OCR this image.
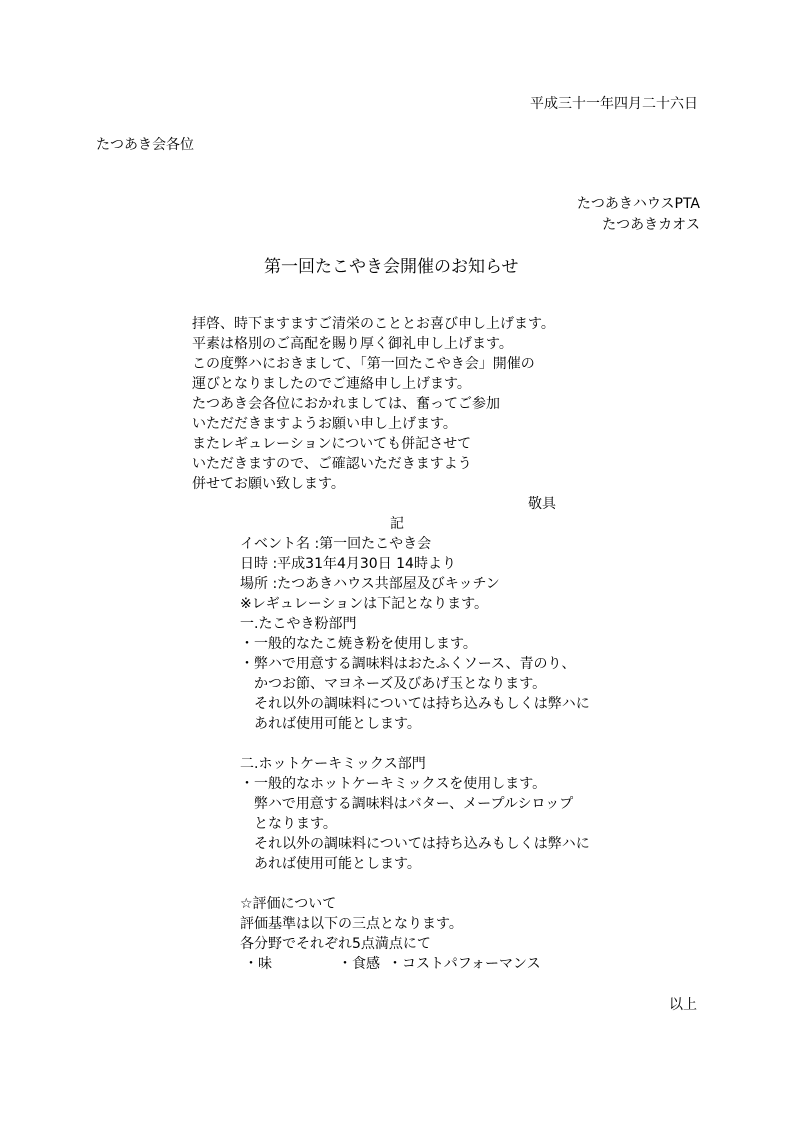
平成三十一年四月二十六日
たつあき会各位
たつあきハウスPTA
たつあきカオス
第一回たこやき会開催のお知らせ
拝啓、時下ますますご清栄のこととお喜び申し上げます。
平素は格別のご高配を賜り厚く御礼申し上げます。
この度弊ハにおきまして、「第一回たこやき会」開催の
運びとなりましたのでご連絡申し上げます。
たつあき会各位におかれましては、奮ってご参加
いただだきますようお願い申し上げます。
またレギュレーションについても併記させて
いただきますので、ご確認いただきますよう
併せてお願い致します。
敬具
記
イベント名 :第一回たこやき会
日時 :平成31年4月30日 14時より
場所 :たつあきハウス共部屋及びキッチン
※レギュレーションは下記となります。
一.たこやき粉部門
・一般的なたこ焼き粉を使用します。
・弊ハで用意する調味料はおたふくソース、青のり、
　かつお節、マヨネーズ及びあげ玉となります。
　それ以外の調味料については持ち込みもしくは弊ハに
　あれば使用可能とします。
二.ホットケーキミックス部門
・一般的なホットケーキミックスを使用します。
　弊ハで用意する調味料はバター、メープルシロップ
　となります。
　それ以外の調味料については持ち込みもしくは弊ハに
　あれば使用可能とします。
☆評価について
評価基準は以下の三点となります。
各分野でそれぞれ5点満点にて
・味	・食感 ・コストパフォーマンス
以上
